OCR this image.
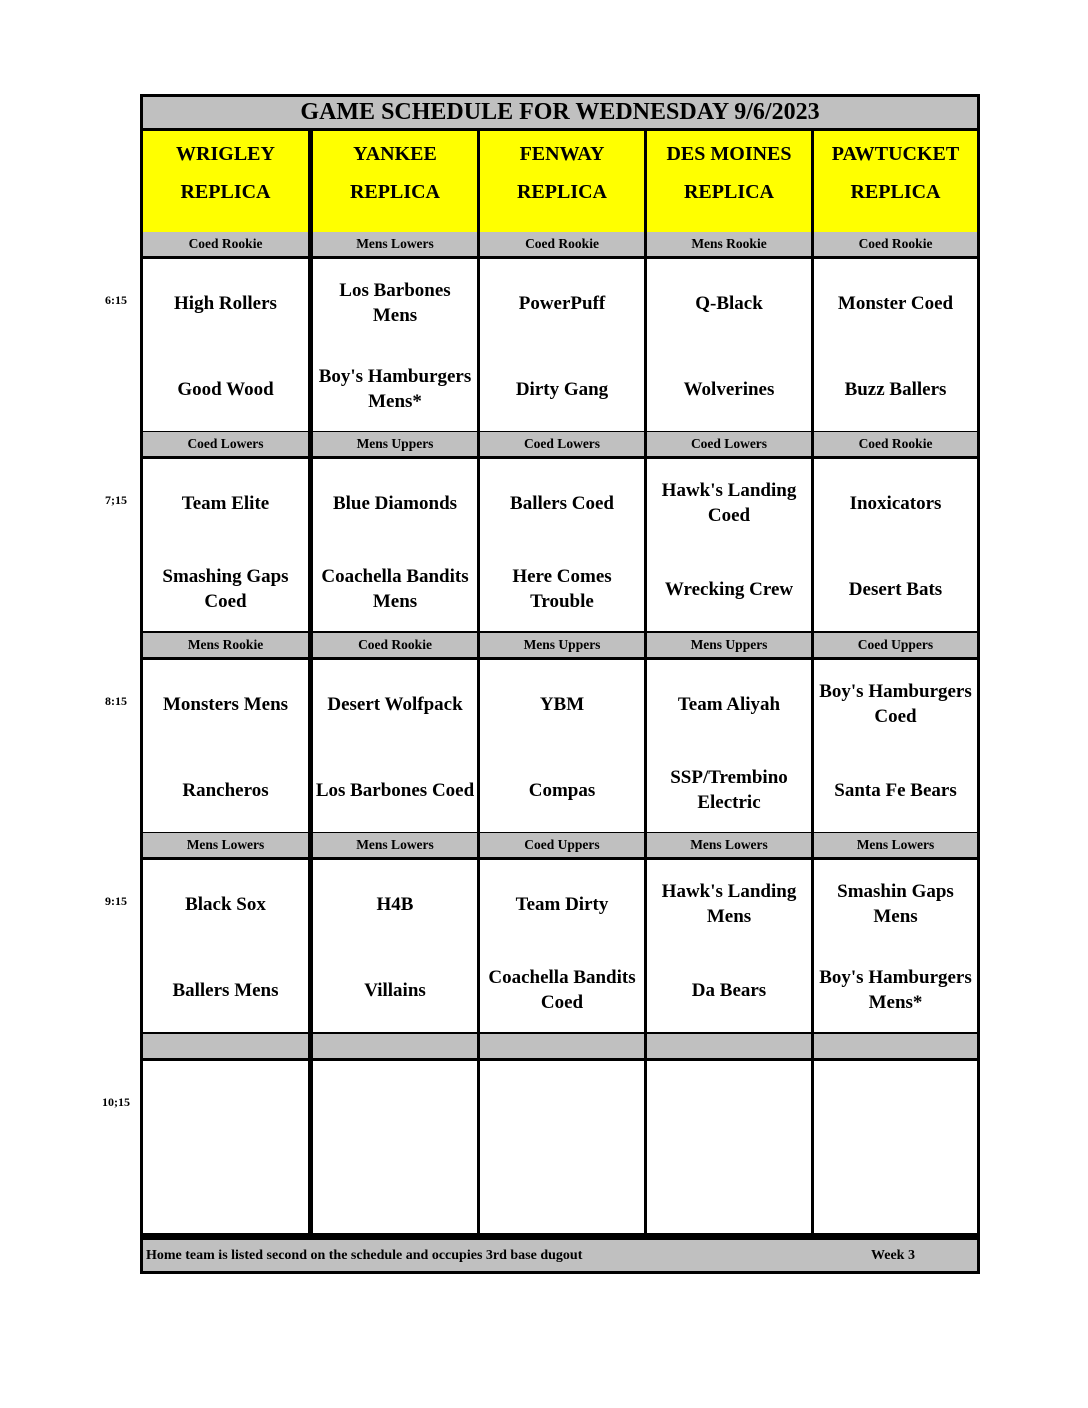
GAME SCHEDULE FOR WEDNESDAY 9/6/2023
WRIGLEY
REPLICA
YANKEE
REPLICA
FENWAY
REPLICA
DES MOINES
REPLICA
PAWTUCKET
REPLICA
Coed Rookie
High Rollers
Good Wood
Mens Lowers
Los Barbones Mens
Boy's Hamburgers Mens*
Coed Rookie
PowerPuff
Dirty Gang
Mens Rookie
Q-Black
Wolverines
Coed Rookie
Monster Coed
Buzz Ballers
Coed Lowers
Team Elite
Smashing Gaps Coed
Mens Uppers
Blue Diamonds
Coachella Bandits Mens
Coed Lowers
Ballers Coed
Here Comes Trouble
Coed Lowers
Hawk's Landing Coed
Wrecking Crew
Coed Rookie
Inoxicators
Desert Bats
Mens Rookie
Monsters Mens
Rancheros
Coed Rookie
Desert Wolfpack
Los Barbones Coed
Mens Uppers
YBM
Compas
Mens Uppers
Team Aliyah
SSP/Trembino Electric
Coed Uppers
Boy's Hamburgers Coed
Santa Fe Bears
Mens Lowers
Black Sox
Ballers Mens
Mens Lowers
H4B
Villains
Coed Uppers
Team Dirty
Coachella Bandits Coed
Mens Lowers
Hawk's Landing Mens
Da Bears
Mens Lowers
Smashin Gaps Mens
Boy's Hamburgers Mens*
Home team is listed second on the schedule and occupies 3rd base dugout	Week 3
6:15
7;15
8:15
9:15
10;15
